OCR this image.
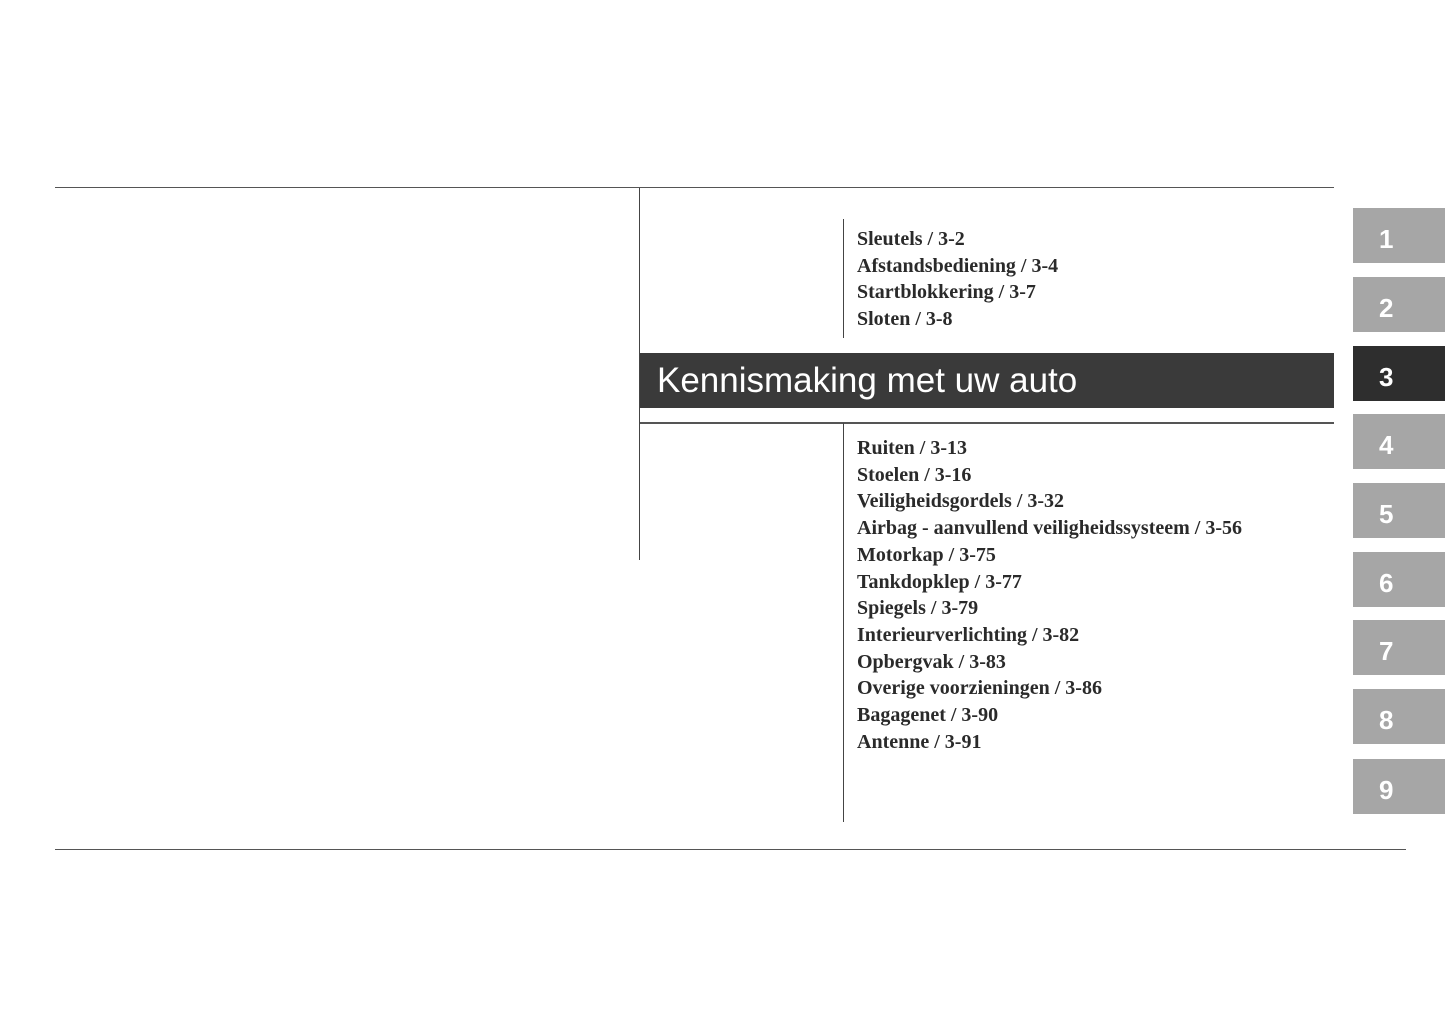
Sleutels / 3-2
Afstandsbediening / 3-4
Startblokkering / 3-7
Sloten / 3-8
Kennismaking met uw auto
Ruiten / 3-13
Stoelen / 3-16
Veiligheidsgordels / 3-32
Airbag - aanvullend veiligheidssysteem / 3-56
Motorkap / 3-75
Tankdopklep / 3-77
Spiegels / 3-79
Interieurverlichting / 3-82
Opbergvak / 3-83
Overige voorzieningen / 3-86
Bagagenet / 3-90
Antenne / 3-91
1
2
3
4
5
6
7
8
9
